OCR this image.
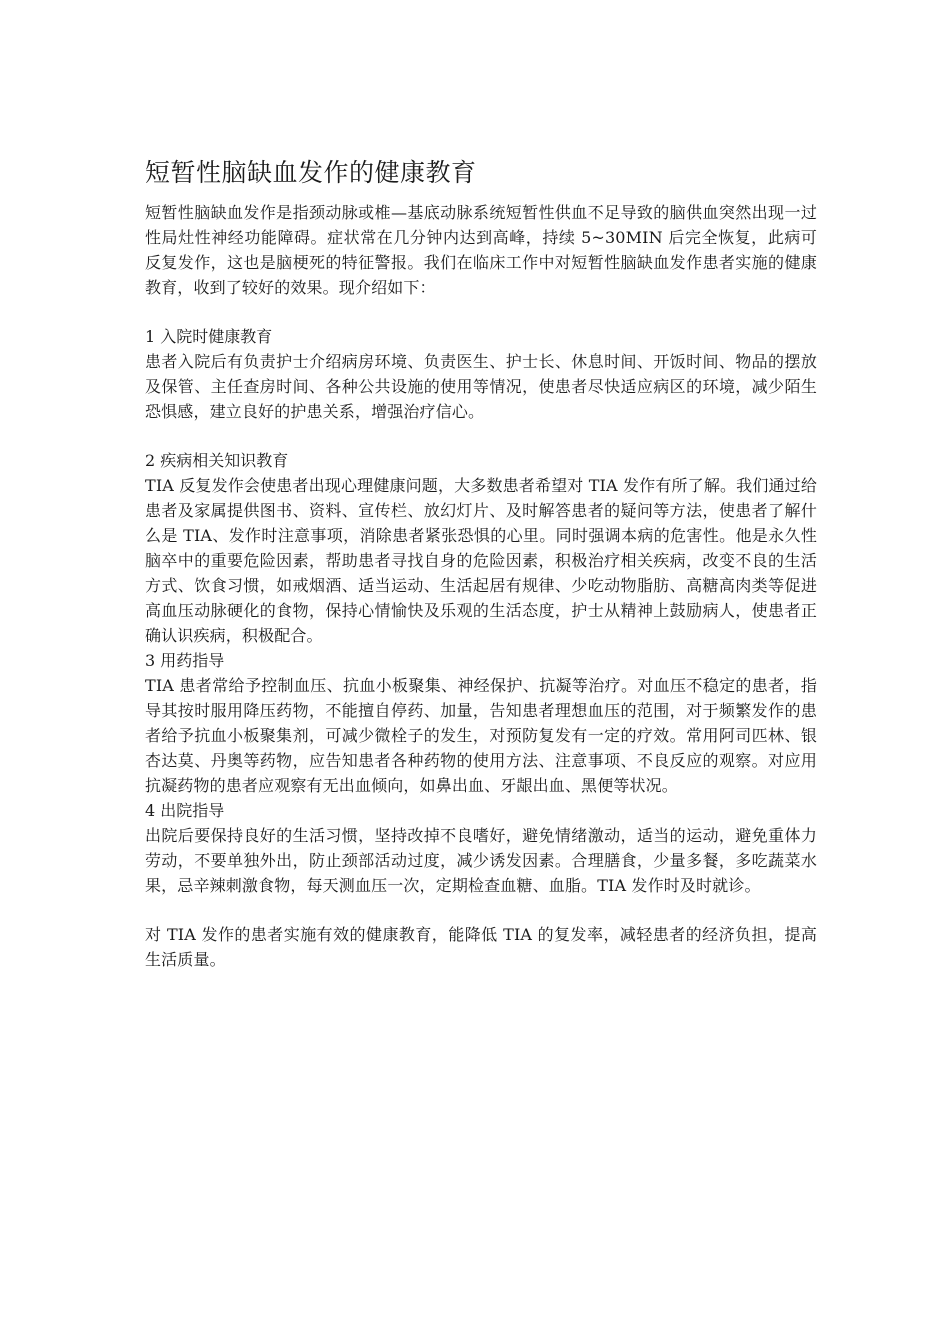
短暂性脑缺血发作的健康教育

短暂性脑缺血发作是指颈动脉或椎—基底动脉系统短暂性供血不足导致的脑供血突然出现一过性局灶性神经功能障碍。症状常在几分钟内达到高峰，持续 5~30MIN 后完全恢复，此病可反复发作，这也是脑梗死的特征警报。我们在临床工作中对短暂性脑缺血发作患者实施的健康教育，收到了较好的效果。现介绍如下：

1 入院时健康教育

患者入院后有负责护士介绍病房环境、负责医生、护士长、休息时间、开饭时间、物品的摆放及保管、主任查房时间、各种公共设施的使用等情况，使患者尽快适应病区的环境，减少陌生恐惧感，建立良好的护患关系，增强治疗信心。

2 疾病相关知识教育

TIA 反复发作会使患者出现心理健康问题，大多数患者希望对 TIA 发作有所了解。我们通过给患者及家属提供图书、资料、宣传栏、放幻灯片、及时解答患者的疑问等方法，使患者了解什么是 TIA、发作时注意事项，消除患者紧张恐惧的心里。同时强调本病的危害性。他是永久性脑卒中的重要危险因素，帮助患者寻找自身的危险因素，积极治疗相关疾病，改变不良的生活方式、饮食习惯，如戒烟酒、适当运动、生活起居有规律、少吃动物脂肪、高糖高肉类等促进高血压动脉硬化的食物，保持心情愉快及乐观的生活态度，护士从精神上鼓励病人，使患者正确认识疾病，积极配合。

3 用药指导

TIA 患者常给予控制血压、抗血小板聚集、神经保护、抗凝等治疗。对血压不稳定的患者，指导其按时服用降压药物，不能擅自停药、加量，告知患者理想血压的范围，对于频繁发作的患者给予抗血小板聚集剂，可减少微栓子的发生，对预防复发有一定的疗效。常用阿司匹林、银杏达莫、丹奥等药物，应告知患者各种药物的使用方法、注意事项、不良反应的观察。对应用抗凝药物的患者应观察有无出血倾向，如鼻出血、牙龈出血、黑便等状况。

4 出院指导

出院后要保持良好的生活习惯，坚持改掉不良嗜好，避免情绪激动，适当的运动，避免重体力劳动，不要单独外出，防止颈部活动过度，减少诱发因素。合理膳食，少量多餐，多吃蔬菜水果，忌辛辣刺激食物，每天测血压一次，定期检查血糖、血脂。TIA 发作时及时就诊。

对 TIA 发作的患者实施有效的健康教育，能降低 TIA 的复发率，减轻患者的经济负担，提高生活质量。
